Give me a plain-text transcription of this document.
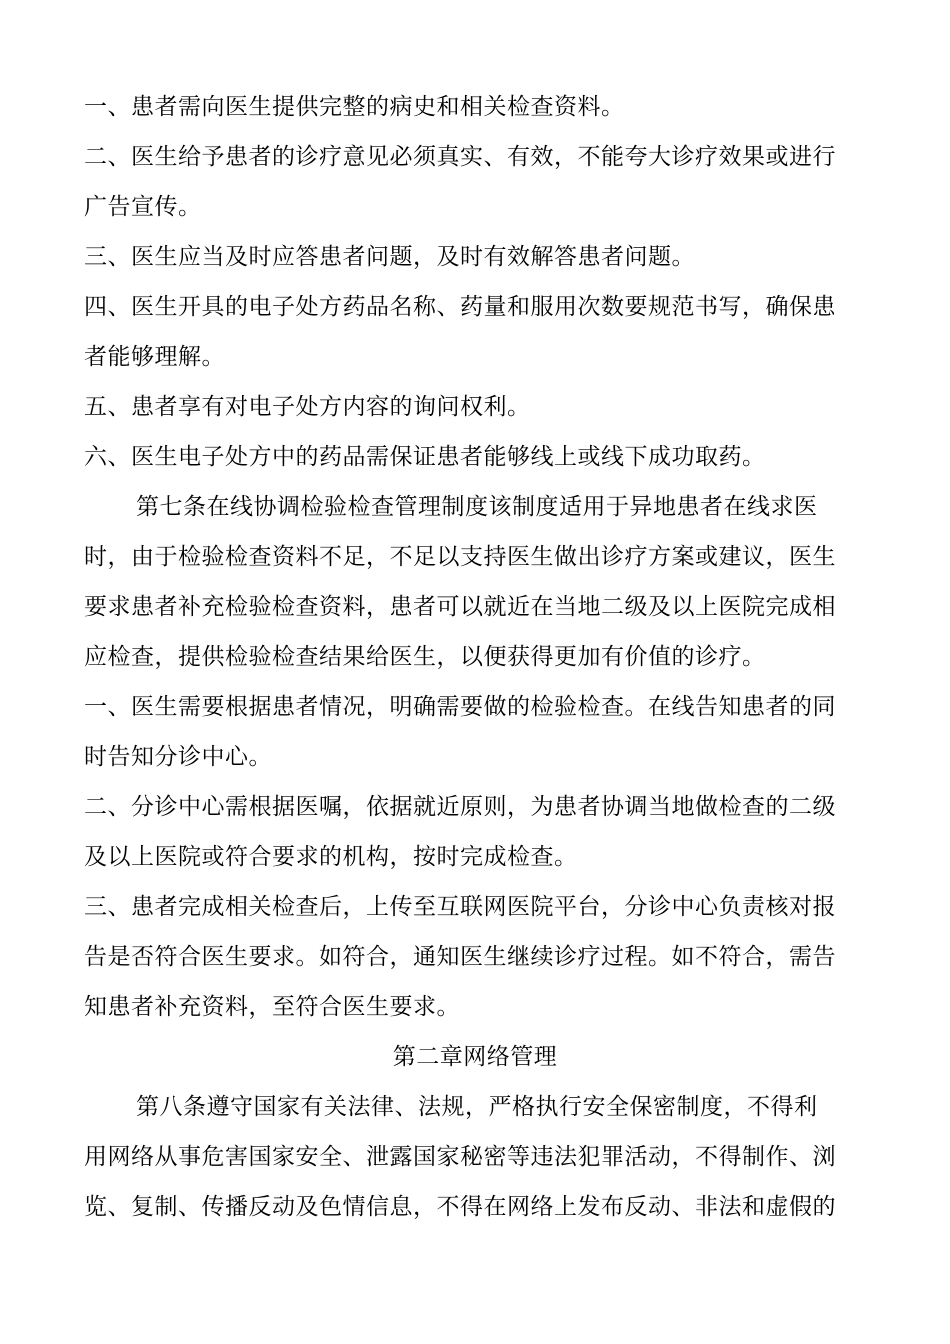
一、患者需向医生提供完整的病史和相关检查资料。
二、医生给予患者的诊疗意见必须真实、有效，不能夸大诊疗效果或进行
广告宣传。
三、医生应当及时应答患者问题，及时有效解答患者问题。
四、医生开具的电子处方药品名称、药量和服用次数要规范书写，确保患
者能够理解。
五、患者享有对电子处方内容的询问权利。
六、医生电子处方中的药品需保证患者能够线上或线下成功取药。
第七条在线协调检验检查管理制度该制度适用于异地患者在线求医
时，由于检验检查资料不足，不足以支持医生做出诊疗方案或建议，医生
要求患者补充检验检查资料，患者可以就近在当地二级及以上医院完成相
应检查，提供检验检查结果给医生，以便获得更加有价值的诊疗。
一、医生需要根据患者情况，明确需要做的检验检查。在线告知患者的同
时告知分诊中心。
二、分诊中心需根据医嘱，依据就近原则，为患者协调当地做检查的二级
及以上医院或符合要求的机构，按时完成检查。
三、患者完成相关检查后，上传至互联网医院平台，分诊中心负责核对报
告是否符合医生要求。如符合，通知医生继续诊疗过程。如不符合，需告
知患者补充资料，至符合医生要求。
第二章网络管理
第八条遵守国家有关法律、法规，严格执行安全保密制度，不得利
用网络从事危害国家安全、泄露国家秘密等违法犯罪活动，不得制作、浏
览、复制、传播反动及色情信息，不得在网络上发布反动、非法和虚假的
